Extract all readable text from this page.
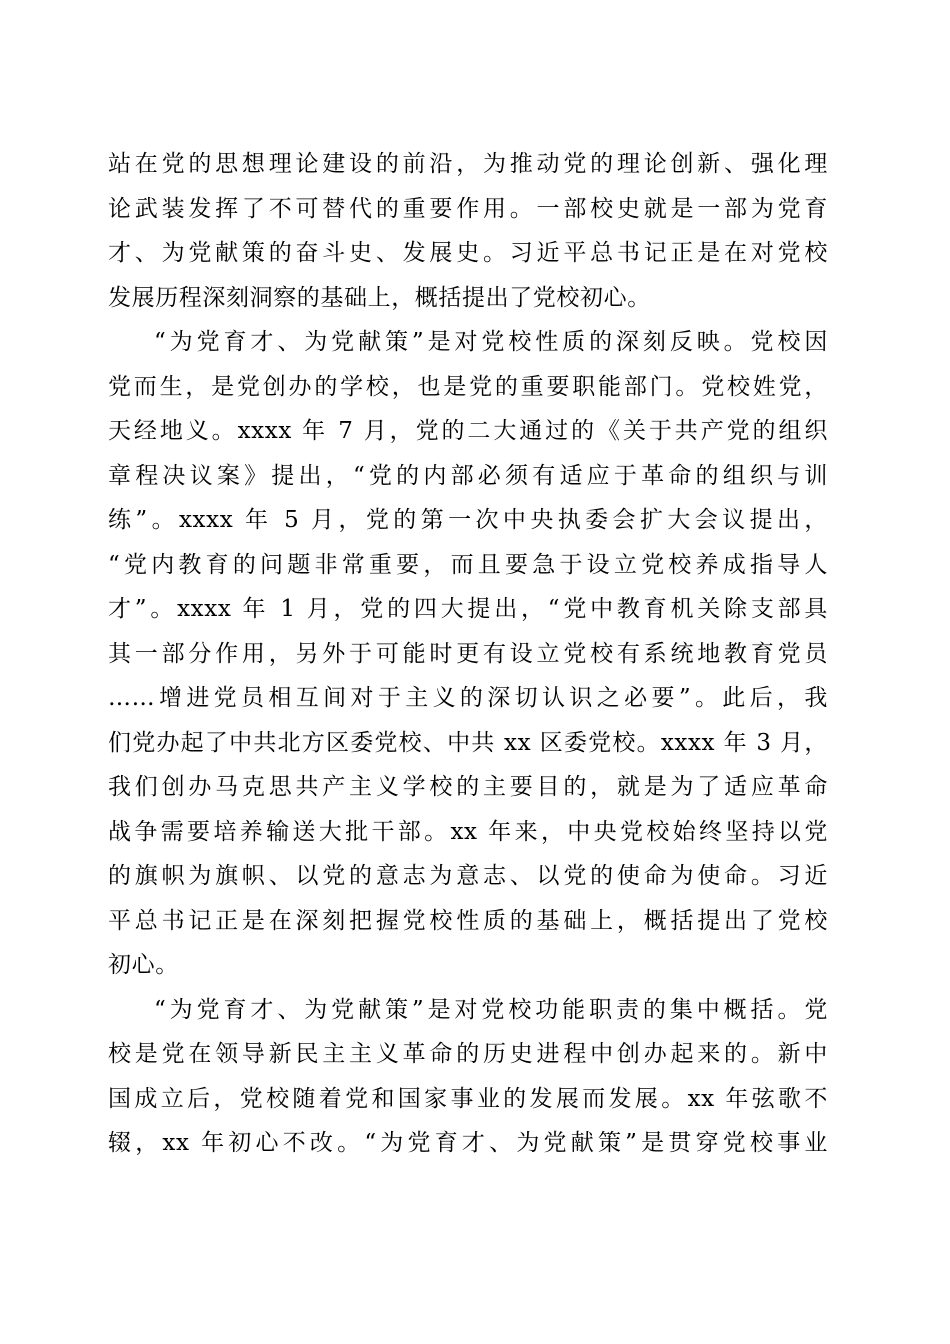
站在党的思想理论建设的前沿，为推动党的理论创新、强化理
论武装发挥了不可替代的重要作用。一部校史就是一部为党育
才、为党献策的奋斗史、发展史。习近平总书记正是在对党校
发展历程深刻洞察的基础上，概括提出了党校初心。
“为党育才、为党献策”是对党校性质的深刻反映。党校因
党而生，是党创办的学校，也是党的重要职能部门。党校姓党，
天经地义。xxxx 年 7 月，党的二大通过的《关于共产党的组织
章程决议案》提出，“党的内部必须有适应于革命的组织与训
练”。xxxx 年 5 月，党的第一次中央执委会扩大会议提出，
“党内教育的问题非常重要，而且要急于设立党校养成指导人
才”。xxxx 年 1 月，党的四大提出，“党中教育机关除支部具
其一部分作用，另外于可能时更有设立党校有系统地教育党员
……增进党员相互间对于主义的深切认识之必要”。此后，我
们党办起了中共北方区委党校、中共 xx 区委党校。xxxx 年 3 月，
我们创办马克思共产主义学校的主要目的，就是为了适应革命
战争需要培养输送大批干部。xx 年来，中央党校始终坚持以党
的旗帜为旗帜、以党的意志为意志、以党的使命为使命。习近
平总书记正是在深刻把握党校性质的基础上，概括提出了党校
初心。
“为党育才、为党献策”是对党校功能职责的集中概括。党
校是党在领导新民主主义革命的历史进程中创办起来的。新中
国成立后，党校随着党和国家事业的发展而发展。xx 年弦歌不
辍，xx 年初心不改。“为党育才、为党献策”是贯穿党校事业
